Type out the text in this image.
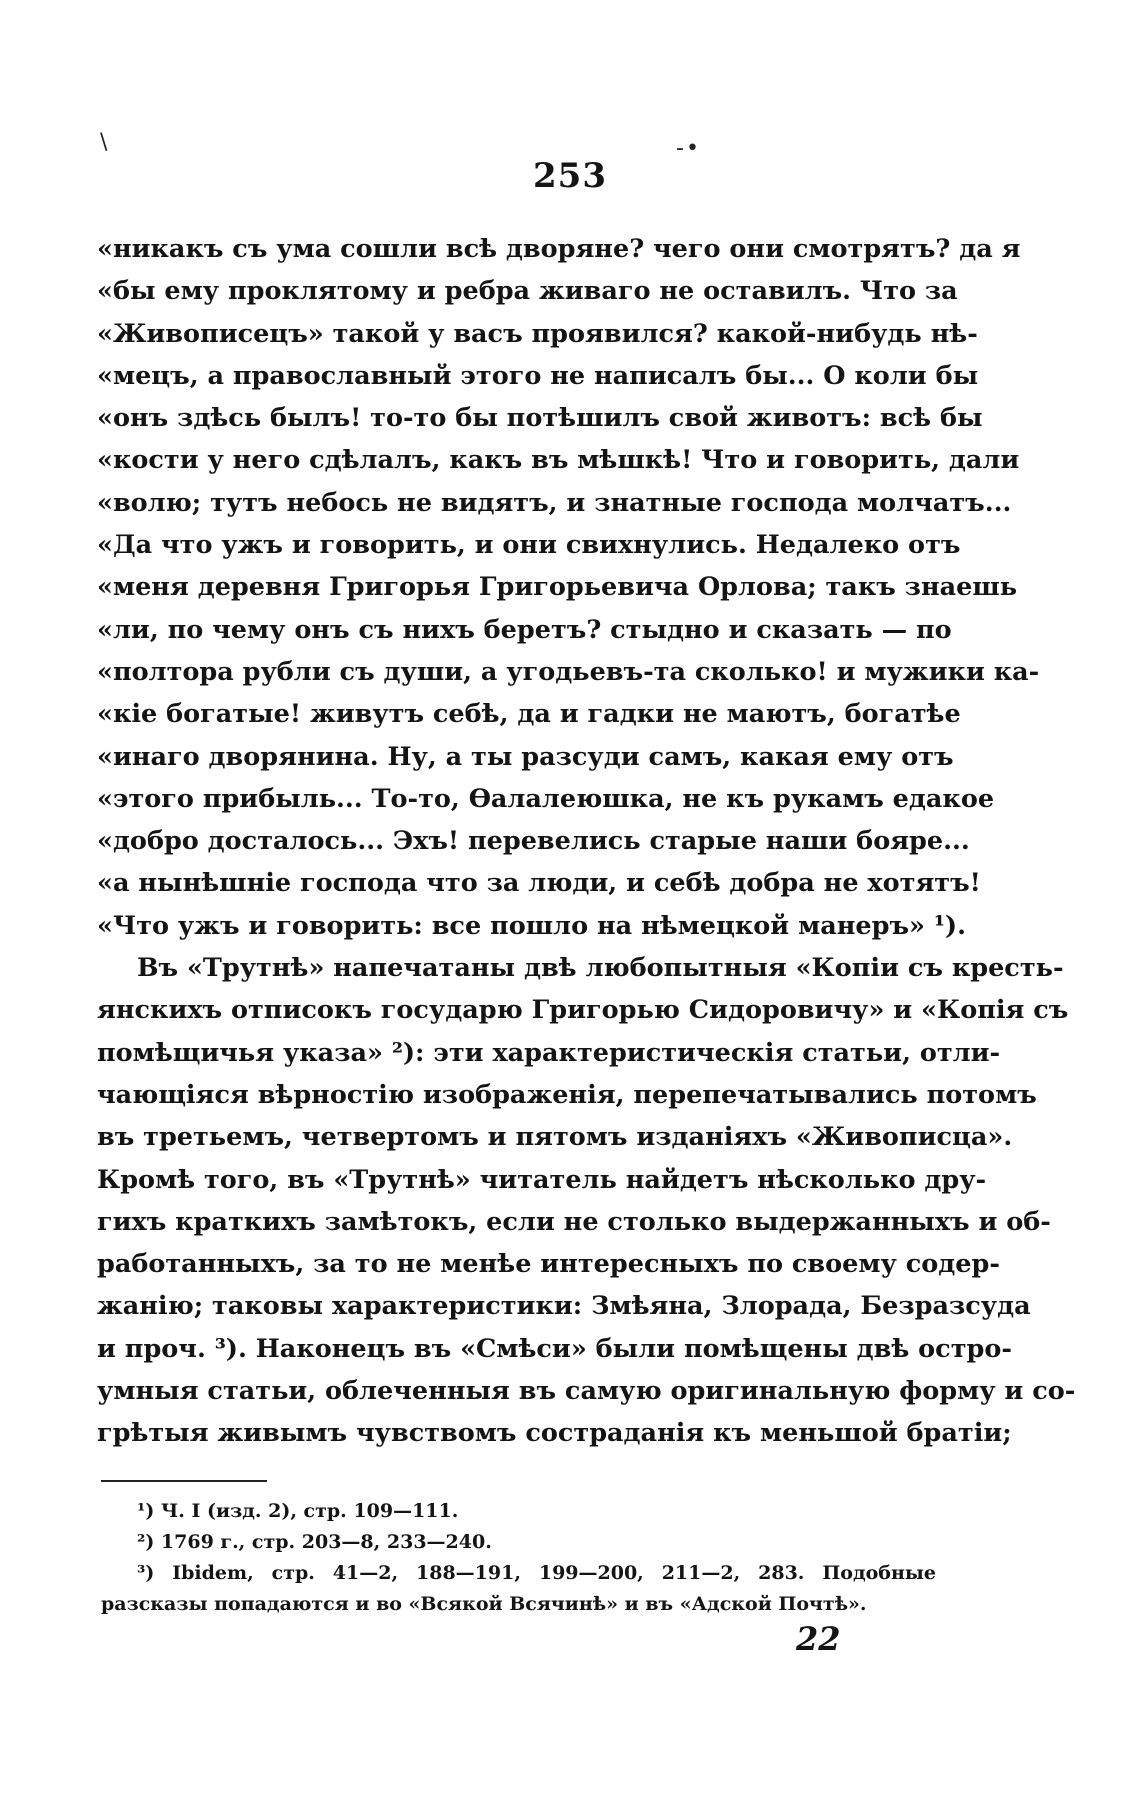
\	-•
253
«никакъ съ ума сошли всѣ дворяне? чего они смотрятъ? да я
«бы ему проклятому и ребра живаго не оставилъ. Что за
«Живописецъ» такой у васъ проявился? какой-нибудь нѣ-
«мецъ, а православный этого не написалъ бы... О коли бы
«онъ здѣсь былъ! то-то бы потѣшилъ свой животъ: всѣ бы
«кости у него сдѣлалъ, какъ въ мѣшкѣ! Что и говорить, дали
«волю; тутъ небось не видятъ, и знатные господа молчатъ...
«Да что ужъ и говорить, и они свихнулись. Недалеко отъ
«меня деревня Григорья Григорьевича Орлова; такъ знаешь
«ли, по чему онъ съ нихъ беретъ? стыдно и сказать — по
«полтора рубли съ души, а угодьевъ-та сколько! и мужики ка-
«кіе богатые! живутъ себѣ, да и гадки не маютъ, богатѣе
«инаго дворянина. Ну, а ты разсуди самъ, какая ему отъ
«этого прибыль... То-то, Ѳалалеюшка, не къ рукамъ едакое
«добро досталось... Эхъ! перевелись старые наши бояре...
«а нынѣшніе господа что за люди, и себѣ добра не хотятъ!
«Что ужъ и говорить: все пошло на нѣмецкой манеръ» ¹).
Въ «Трутнѣ» напечатаны двѣ любопытныя «Копіи съ кресть-
янскихъ отписокъ государю Григорью Сидоровичу» и «Копія съ
помѣщичья указа» ²): эти характеристическія статьи, отли-
чающіяся вѣрностію изображенія, перепечатывались потомъ
въ третьемъ, четвертомъ и пятомъ изданіяхъ «Живописца».
Кромѣ того, въ «Трутнѣ» читатель найдетъ нѣсколько дру-
гихъ краткихъ замѣтокъ, если не столько выдержанныхъ и об-
работанныхъ, за то не менѣе интересныхъ по своему содер-
жанію; таковы характеристики: Змѣяна, Злорада, Безразсуда
и проч. ³). Наконецъ въ «Смѣси» были помѣщены двѣ остро-
умныя статьи, облеченныя въ самую оригинальную форму и со-
грѣтыя живымъ чувствомъ состраданія къ меньшой братіи;
¹) Ч. I (изд. 2), стр. 109—111.
²) 1769 г., стр. 203—8, 233—240.
³) Ibidem, стр. 41—2, 188—191, 199—200, 211—2, 283. Подобные
разсказы попадаются и во «Всякой Всячинѣ» и въ «Адской Почтѣ».
22
